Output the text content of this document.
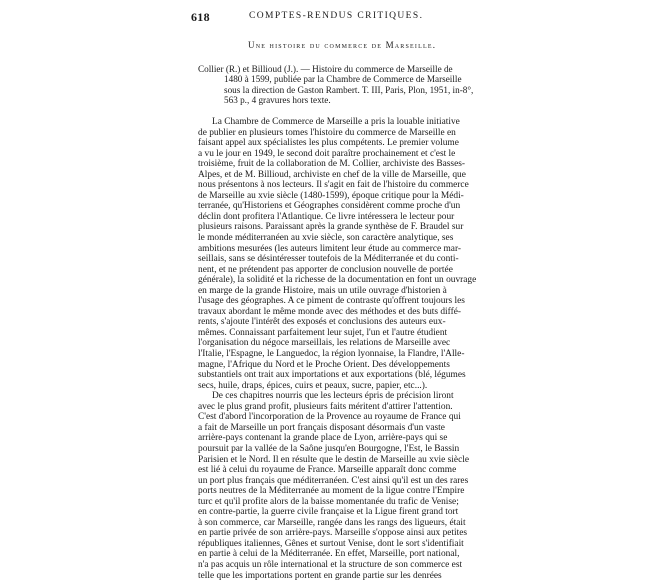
618	COMPTES-RENDUS CRITIQUES.
Une histoire du commerce de Marseille.
Collier (R.) et Billioud (J.). — Histoire du commerce de Marseille de
1480 à 1599, publiée par la Chambre de Commerce de Marseille
sous la direction de Gaston Rambert. T. III, Paris, Plon, 1951, in-8°,
563 p., 4 gravures hors texte.

La Chambre de Commerce de Marseille a pris la louable initiative
de publier en plusieurs tomes l'histoire du commerce de Marseille en
faisant appel aux spécialistes les plus compétents. Le premier volume
a vu le jour en 1949, le second doit paraître prochainement et c'est le
troisième, fruit de la collaboration de M. Collier, archiviste des Basses-
Alpes, et de M. Billioud, archiviste en chef de la ville de Marseille, que
nous présentons à nos lecteurs. Il s'agit en fait de l'histoire du commerce
de Marseille au xvie siècle (1480-1599), époque critique pour la Médi-
terranée, qu'Historiens et Géographes considèrent comme proche d'un
déclin dont profitera l'Atlantique. Ce livre intéressera le lecteur pour
plusieurs raisons. Paraissant après la grande synthèse de F. Braudel sur
le monde méditerranéen au xvie siècle, son caractère analytique, ses
ambitions mesurées (les auteurs limitent leur étude au commerce mar-
seillais, sans se désintéresser toutefois de la Méditerranée et du conti-
nent, et ne prétendent pas apporter de conclusion nouvelle de portée
générale), la solidité et la richesse de la documentation en font un ouvrage
en marge de la grande Histoire, mais un utile ouvrage d'historien à
l'usage des géographes. A ce piment de contraste qu'offrent toujours les
travaux abordant le même monde avec des méthodes et des buts diffé-
rents, s'ajoute l'intérêt des exposés et conclusions des auteurs eux-
mêmes. Connaissant parfaitement leur sujet, l'un et l'autre étudient
l'organisation du négoce marseillais, les relations de Marseille avec
l'Italie, l'Espagne, le Languedoc, la région lyonnaise, la Flandre, l'Alle-
magne, l'Afrique du Nord et le Proche Orient. Des développements
substantiels ont trait aux importations et aux exportations (blé, légumes
secs, huile, draps, épices, cuirs et peaux, sucre, papier, etc...).

De ces chapitres nourris que les lecteurs épris de précision liront
avec le plus grand profit, plusieurs faits méritent d'attirer l'attention.
C'est d'abord l'incorporation de la Provence au royaume de France qui
a fait de Marseille un port français disposant désormais d'un vaste
arrière-pays contenant la grande place de Lyon, arrière-pays qui se
poursuit par la vallée de la Saône jusqu'en Bourgogne, l'Est, le Bassin
Parisien et le Nord. Il en résulte que le destin de Marseille au xvie siècle
est lié à celui du royaume de France. Marseille apparaît donc comme
un port plus français que méditerranéen. C'est ainsi qu'il est un des rares
ports neutres de la Méditerranée au moment de la ligue contre l'Empire
turc et qu'il profite alors de la baisse momentanée du trafic de Venise;
en contre-partie, la guerre civile française et la Ligue firent grand tort
à son commerce, car Marseille, rangée dans les rangs des ligueurs, était
en partie privée de son arrière-pays. Marseille s'oppose ainsi aux petites
républiques italiennes, Gênes et surtout Venise, dont le sort s'identifiait
en partie à celui de la Méditerranée. En effet, Marseille, port national,
n'a pas acquis un rôle international et la structure de son commerce est
telle que les importations portent en grande partie sur les denrées
